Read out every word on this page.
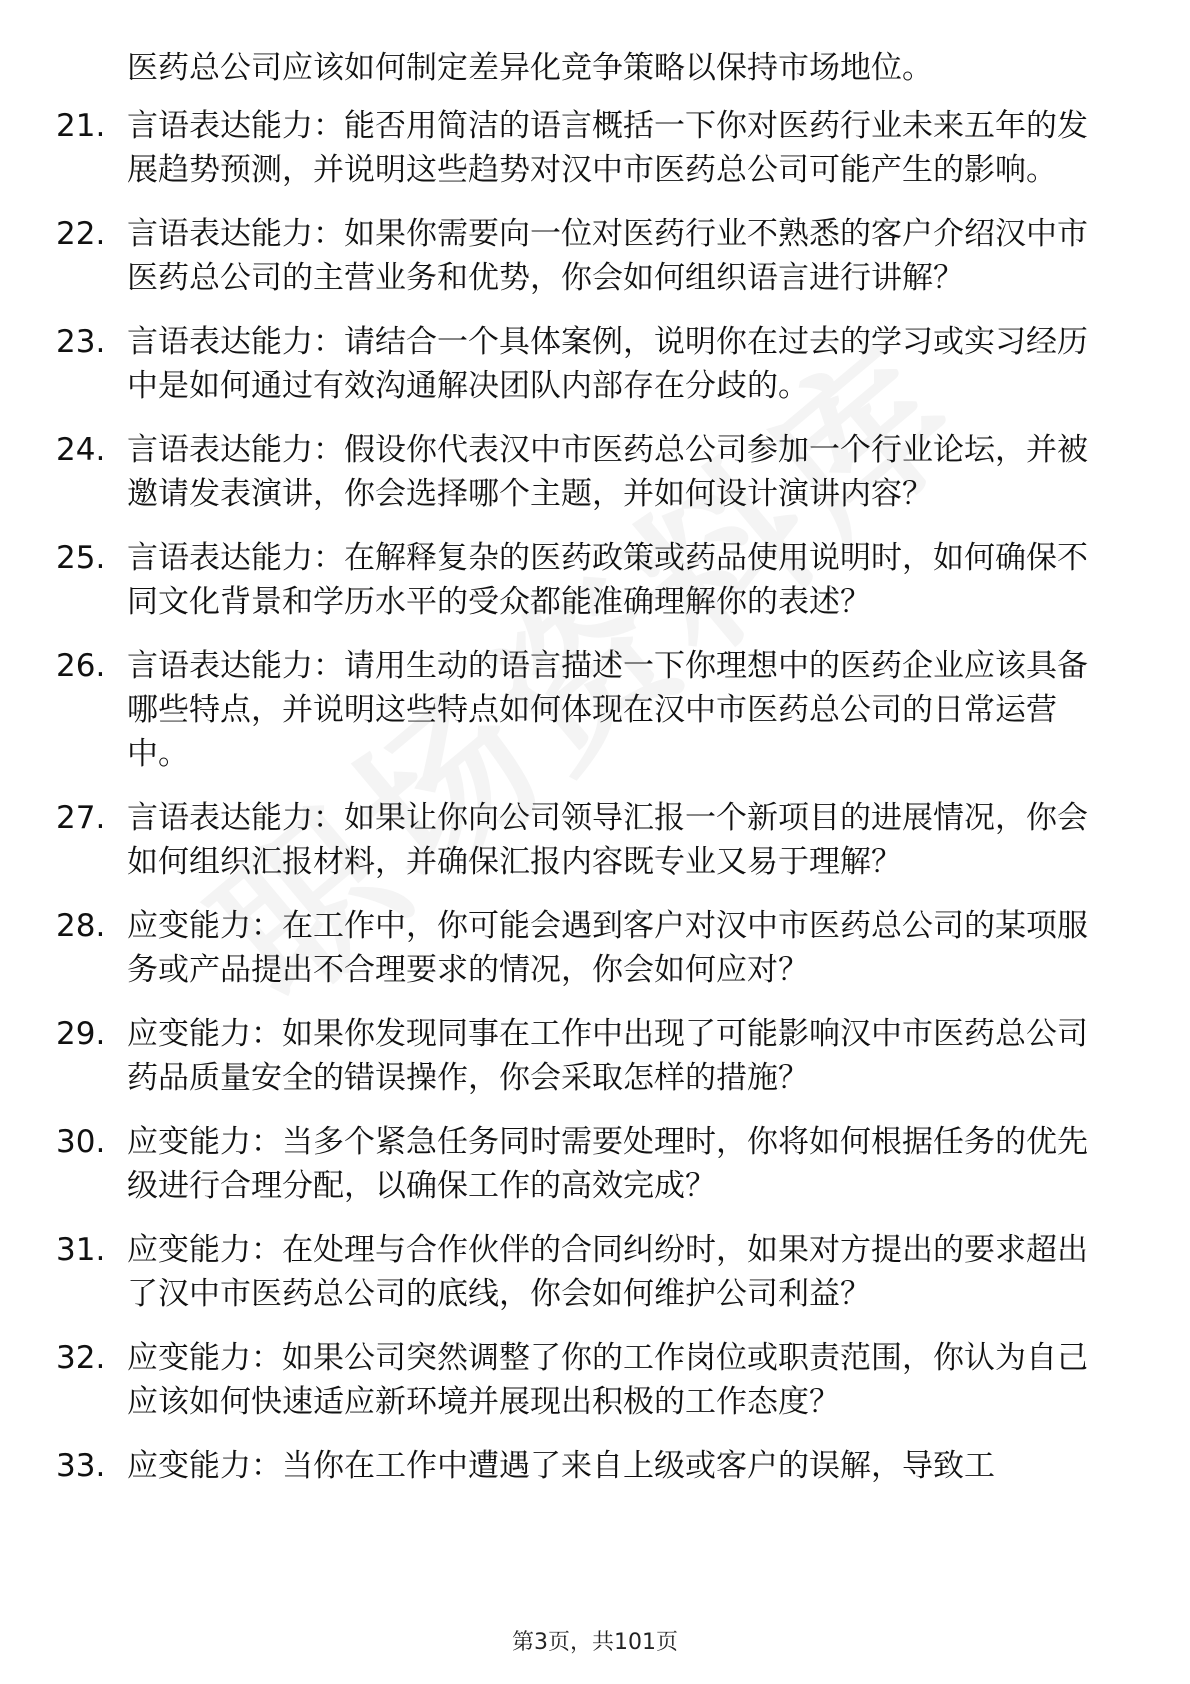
医药总公司应该如何制定差异化竞争策略以保持市场地位。
21. 言语表达能力：能否用简洁的语言概括一下你对医药行业未来五年的发展趋势预测，并说明这些趋势对汉中市医药总公司可能产生的影响。
22. 言语表达能力：如果你需要向一位对医药行业不熟悉的客户介绍汉中市医药总公司的主营业务和优势，你会如何组织语言进行讲解？
23. 言语表达能力：请结合一个具体案例，说明你在过去的学习或实习经历中是如何通过有效沟通解决团队内部存在分歧的。
24. 言语表达能力：假设你代表汉中市医药总公司参加一个行业论坛，并被邀请发表演讲，你会选择哪个主题，并如何设计演讲内容？
25. 言语表达能力：在解释复杂的医药政策或药品使用说明时，如何确保不同文化背景和学历水平的受众都能准确理解你的表述？
26. 言语表达能力：请用生动的语言描述一下你理想中的医药企业应该具备哪些特点，并说明这些特点如何体现在汉中市医药总公司的日常运营中。
27. 言语表达能力：如果让你向公司领导汇报一个新项目的进展情况，你会如何组织汇报材料，并确保汇报内容既专业又易于理解？
28. 应变能力：在工作中，你可能会遇到客户对汉中市医药总公司的某项服务或产品提出不合理要求的情况，你会如何应对？
29. 应变能力：如果你发现同事在工作中出现了可能影响汉中市医药总公司药品质量安全的错误操作，你会采取怎样的措施？
30. 应变能力：当多个紧急任务同时需要处理时，你将如何根据任务的优先级进行合理分配，以确保工作的高效完成？
31. 应变能力：在处理与合作伙伴的合同纠纷时，如果对方提出的要求超出了汉中市医药总公司的底线，你会如何维护公司利益？
32. 应变能力：如果公司突然调整了你的工作岗位或职责范围，你认为自己应该如何快速适应新环境并展现出积极的工作态度？
33. 应变能力：当你在工作中遭遇了来自上级或客户的误解，导致工
第3页，共101页
